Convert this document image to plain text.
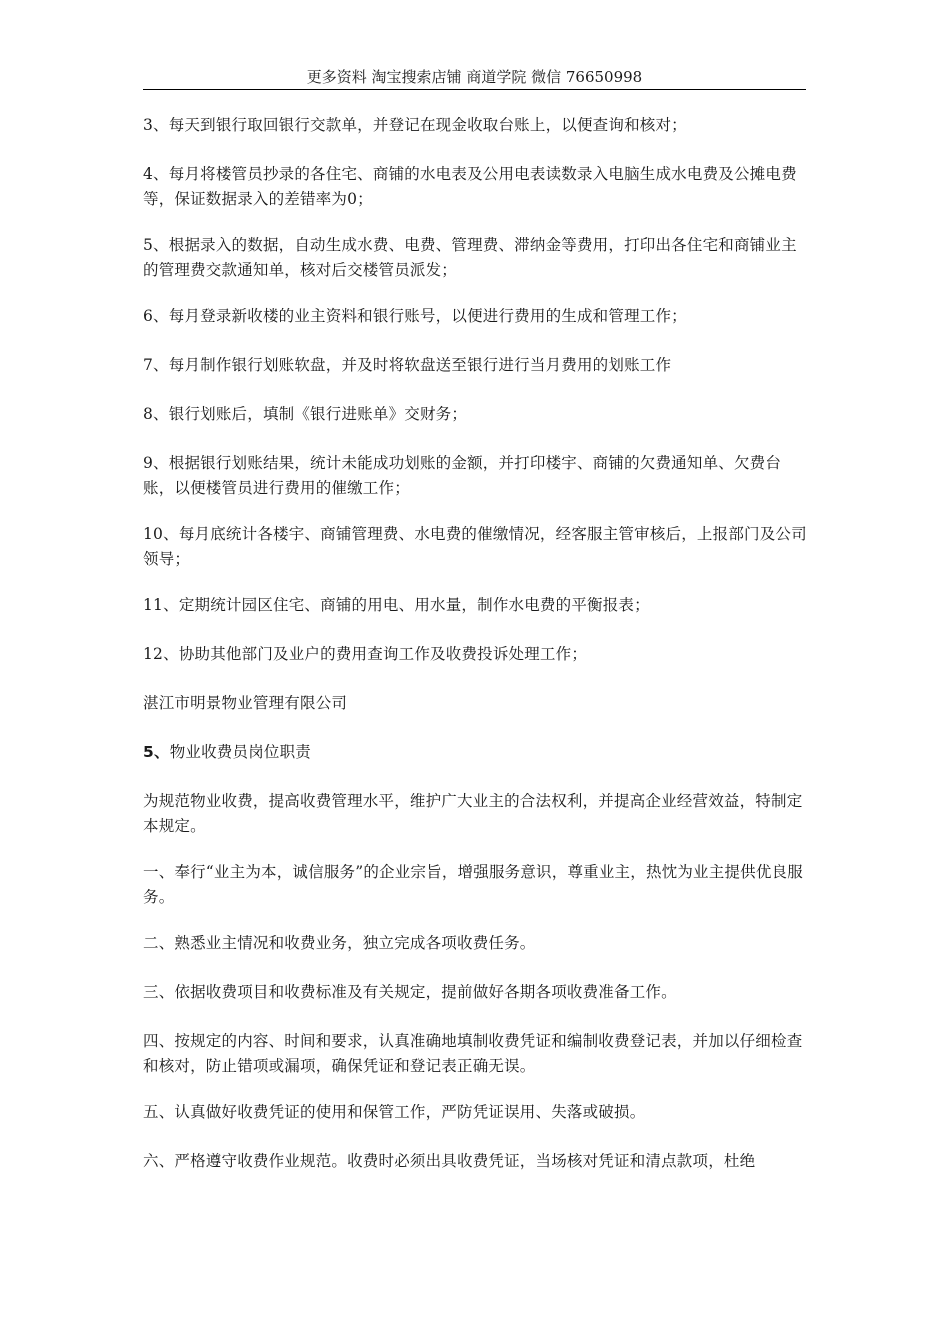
更多资料 淘宝搜索店铺 商道学院 微信 76650998

3、每天到银行取回银行交款单，并登记在现金收取台账上，以便查询和核对；

4、每月将楼管员抄录的各住宅、商铺的水电表及公用电表读数录入电脑生成水电费及公摊电费等，保证数据录入的差错率为0；

5、根据录入的数据，自动生成水费、电费、管理费、滞纳金等费用，打印出各住宅和商铺业主的管理费交款通知单，核对后交楼管员派发；

6、每月登录新收楼的业主资料和银行账号，以便进行费用的生成和管理工作；

7、每月制作银行划账软盘，并及时将软盘送至银行进行当月费用的划账工作

8、银行划账后，填制《银行进账单》交财务；

9、根据银行划账结果，统计未能成功划账的金额，并打印楼宇、商铺的欠费通知单、欠费台账，以便楼管员进行费用的催缴工作；

10、每月底统计各楼宇、商铺管理费、水电费的催缴情况，经客服主管审核后，上报部门及公司领导；

11、定期统计园区住宅、商铺的用电、用水量，制作水电费的平衡报表；

12、协助其他部门及业户的费用查询工作及收费投诉处理工作；

湛江市明景物业管理有限公司

5、物业收费员岗位职责

为规范物业收费，提高收费管理水平，维护广大业主的合法权利，并提高企业经营效益，特制定本规定。

一、奉行“业主为本，诚信服务”的企业宗旨，增强服务意识，尊重业主，热忱为业主提供优良服务。

二、熟悉业主情况和收费业务，独立完成各项收费任务。

三、依据收费项目和收费标准及有关规定，提前做好各期各项收费准备工作。

四、按规定的内容、时间和要求，认真准确地填制收费凭证和编制收费登记表，并加以仔细检查和核对，防止错项或漏项，确保凭证和登记表正确无误。

五、认真做好收费凭证的使用和保管工作，严防凭证误用、失落或破损。

六、严格遵守收费作业规范。收费时必须出具收费凭证，当场核对凭证和清点款项，杜绝
